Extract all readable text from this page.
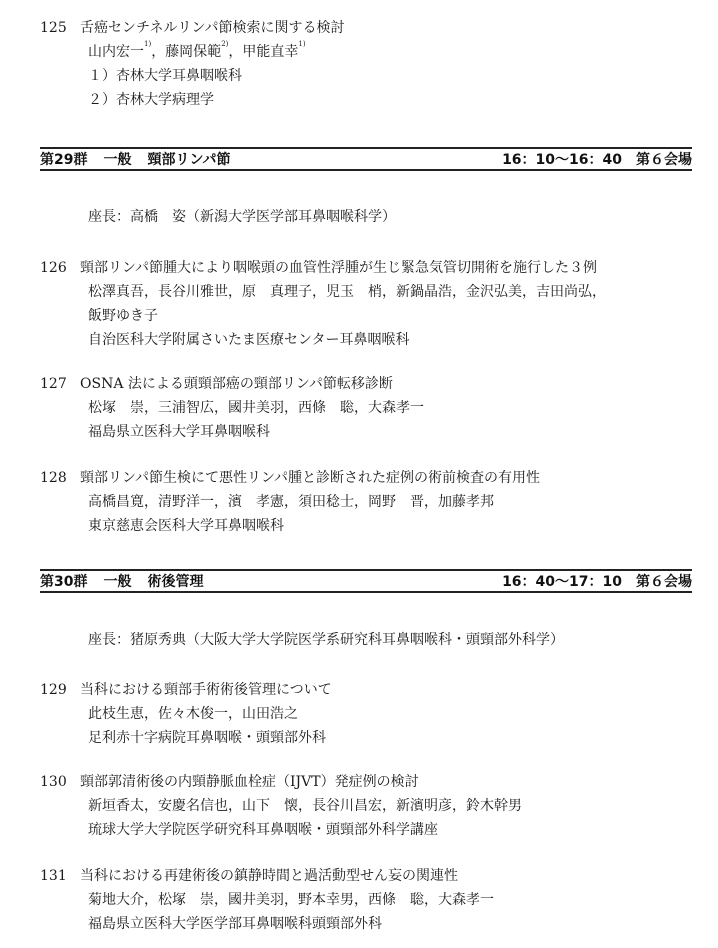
125 舌癌センチネルリンパ節検索に関する検討
山内宏一$^{1)}$，藤岡保範$^{2)}$，甲能直幸$^{1)}$
１）杏林大学耳鼻咽喉科
２）杏林大学病理学
第29群 一般 頸部リンパ節	16：10～16：40 第６会場
座長：高橋　姿（新潟大学医学部耳鼻咽喉科学）
126 頸部リンパ節腫大により咽喉頭の血管性浮腫が生じ緊急気管切開術を施行した３例
松澤真吾，長谷川雅世，原　真理子，児玉　梢，新鍋晶浩，金沢弘美，吉田尚弘，
飯野ゆき子
自治医科大学附属さいたま医療センター耳鼻咽喉科
127 OSNA 法による頭頸部癌の頸部リンパ節転移診断
松塚　崇，三浦智広，國井美羽，西條　聡，大森孝一
福島県立医科大学耳鼻咽喉科
128 頸部リンパ節生検にて悪性リンパ腫と診断された症例の術前検査の有用性
高橋昌寛，清野洋一，濱　孝憲，須田稔士，岡野　晋，加藤孝邦
東京慈恵会医科大学耳鼻咽喉科
第30群 一般 術後管理	16：40～17：10 第６会場
座長：猪原秀典（大阪大学大学院医学系研究科耳鼻咽喉科・頭頸部外科学）
129 当科における頸部手術術後管理について
此枝生恵，佐々木俊一，山田浩之
足利赤十字病院耳鼻咽喉・頭頸部外科
130 頸部郭清術後の内頸静脈血栓症（IJVT）発症例の検討
新垣香太，安慶名信也，山下　懐，長谷川昌宏，新濱明彦，鈴木幹男
琉球大学大学院医学研究科耳鼻咽喉・頭頸部外科学講座
131 当科における再建術後の鎮静時間と過活動型せん妄の関連性
菊地大介，松塚　崇，國井美羽，野本幸男，西條　聡，大森孝一
福島県立医科大学医学部耳鼻咽喉科頭頸部外科
